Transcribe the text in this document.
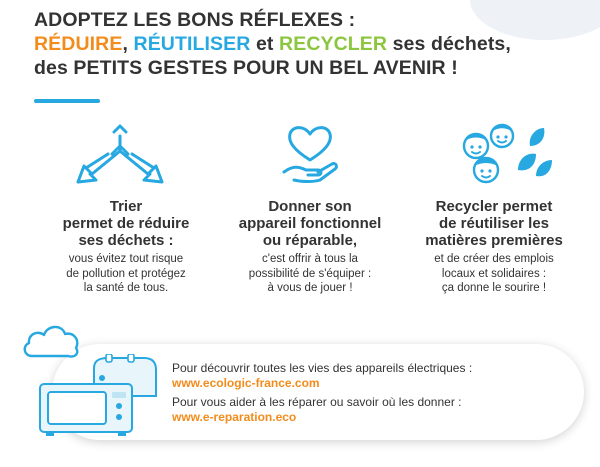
ADOPTEZ LES BONS RÉFLEXES :
RÉDUIRE, RÉUTILISER et RECYCLER ses déchets,
des PETITS GESTES POUR UN BEL AVENIR !
Trier
permet de réduire
ses déchets :
vous évitez tout risque
de pollution et protégez
la santé de tous.
Donner son
appareil fonctionnel
ou réparable,
c'est offrir à tous la
possibilité de s'équiper :
à vous de jouer !
Recycler permet
de réutiliser les
matières premières
et de créer des emplois
locaux et solidaires :
ça donne le sourire !
Pour découvrir toutes les vies des appareils électriques :
www.ecologic-france.com
Pour vous aider à les réparer ou savoir où les donner :
www.e-reparation.eco
